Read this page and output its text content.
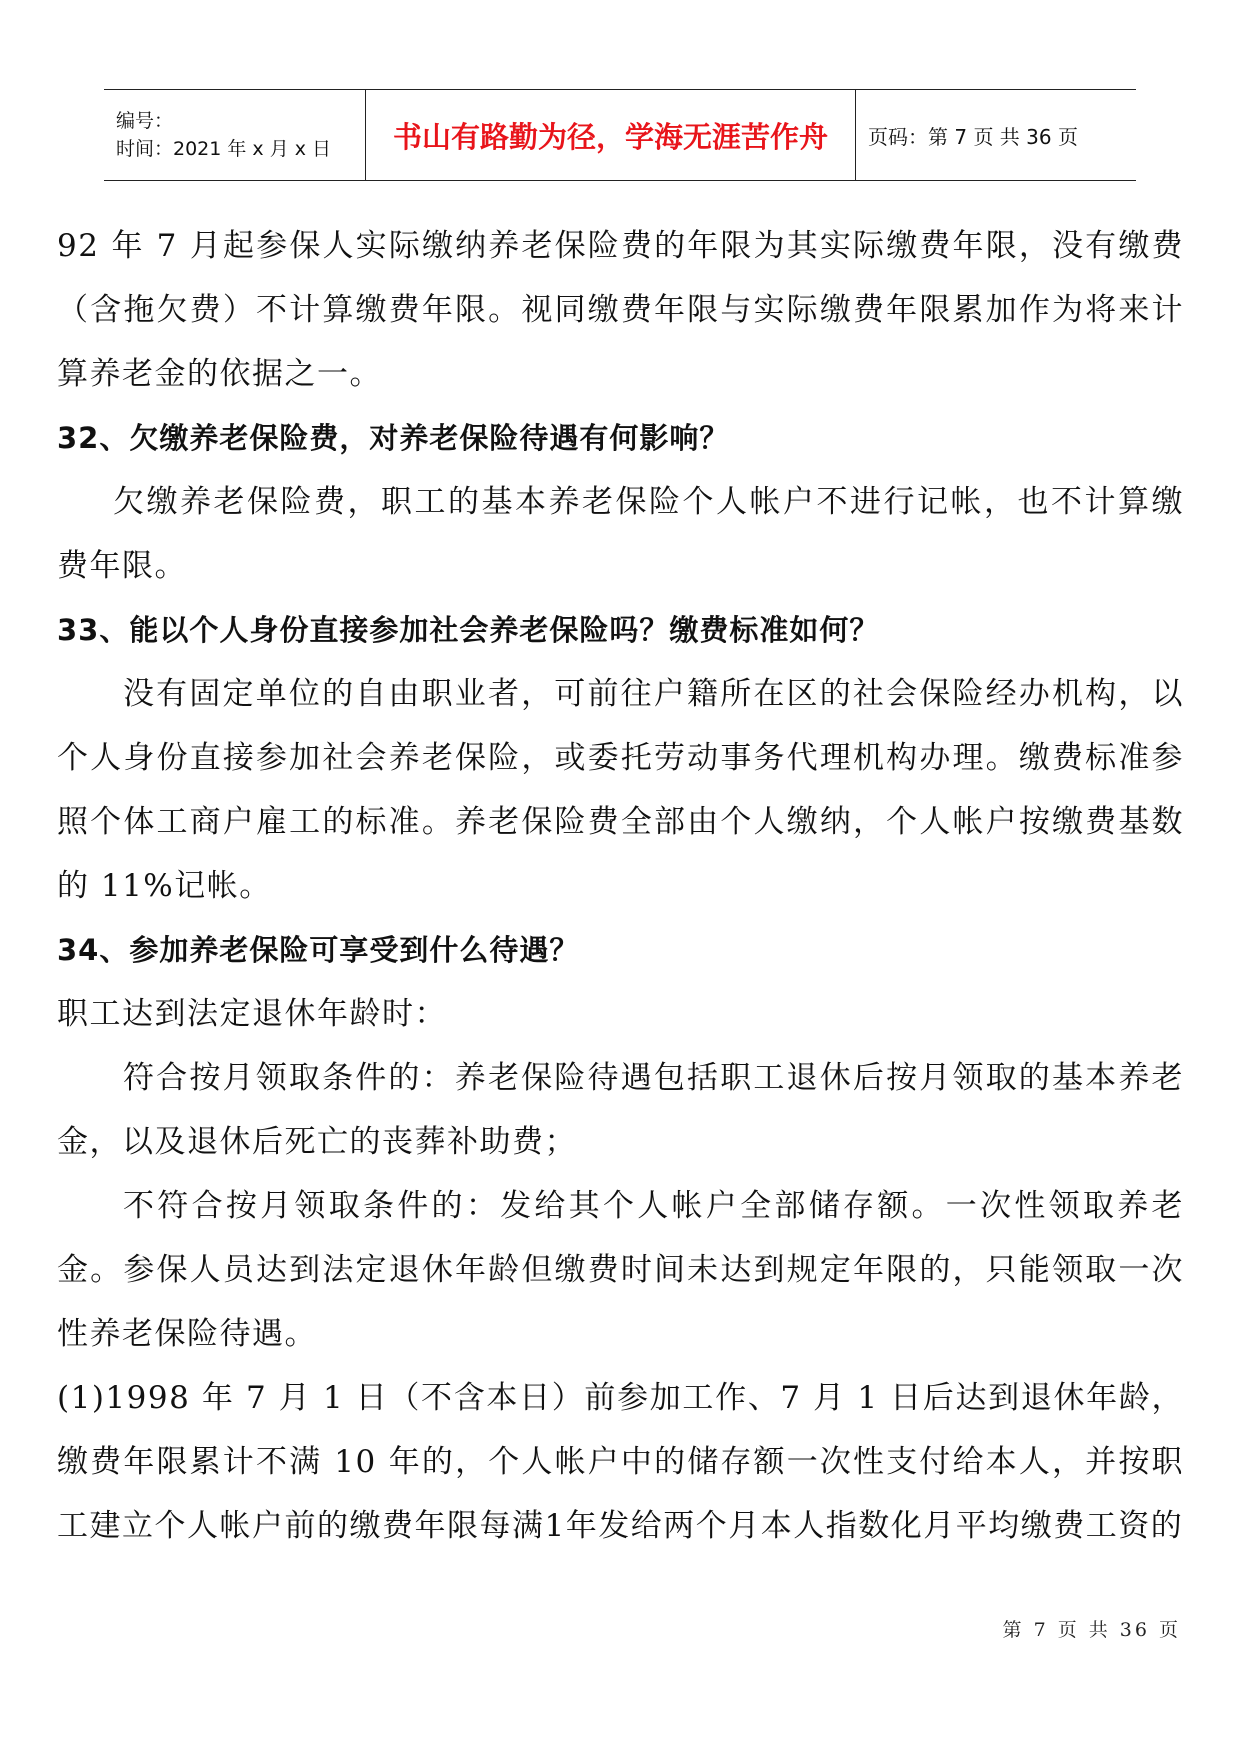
编号：
时间：2021 年 x 月 x 日	书山有路勤为径，学海无涯苦作舟	页码：第 7 页 共 36 页

92 年 7 月起参保人实际缴纳养老保险费的年限为其实际缴费年限，没有缴费（含拖欠费）不计算缴费年限。视同缴费年限与实际缴费年限累加作为将来计算养老金的依据之一。

32、欠缴养老保险费，对养老保险待遇有何影响？

欠缴养老保险费，职工的基本养老保险个人帐户不进行记帐，也不计算缴费年限。

33、能以个人身份直接参加社会养老保险吗？缴费标准如何？

没有固定单位的自由职业者，可前往户籍所在区的社会保险经办机构，以个人身份直接参加社会养老保险，或委托劳动事务代理机构办理。缴费标准参照个体工商户雇工的标准。养老保险费全部由个人缴纳，个人帐户按缴费基数的 11%记帐。

34、参加养老保险可享受到什么待遇？

职工达到法定退休年龄时：

符合按月领取条件的：养老保险待遇包括职工退休后按月领取的基本养老金，以及退休后死亡的丧葬补助费；

不符合按月领取条件的：发给其个人帐户全部储存额。一次性领取养老金。参保人员达到法定退休年龄但缴费时间未达到规定年限的，只能领取一次性养老保险待遇。

(1)1998 年 7 月 1 日（不含本日）前参加工作、7 月 1 日后达到退休年龄，缴费年限累计不满 10 年的，个人帐户中的储存额一次性支付给本人，并按职工建立个人帐户前的缴费年限每满1年发给两个月本人指数化月平均缴费工资的

第 7 页 共 36 页
